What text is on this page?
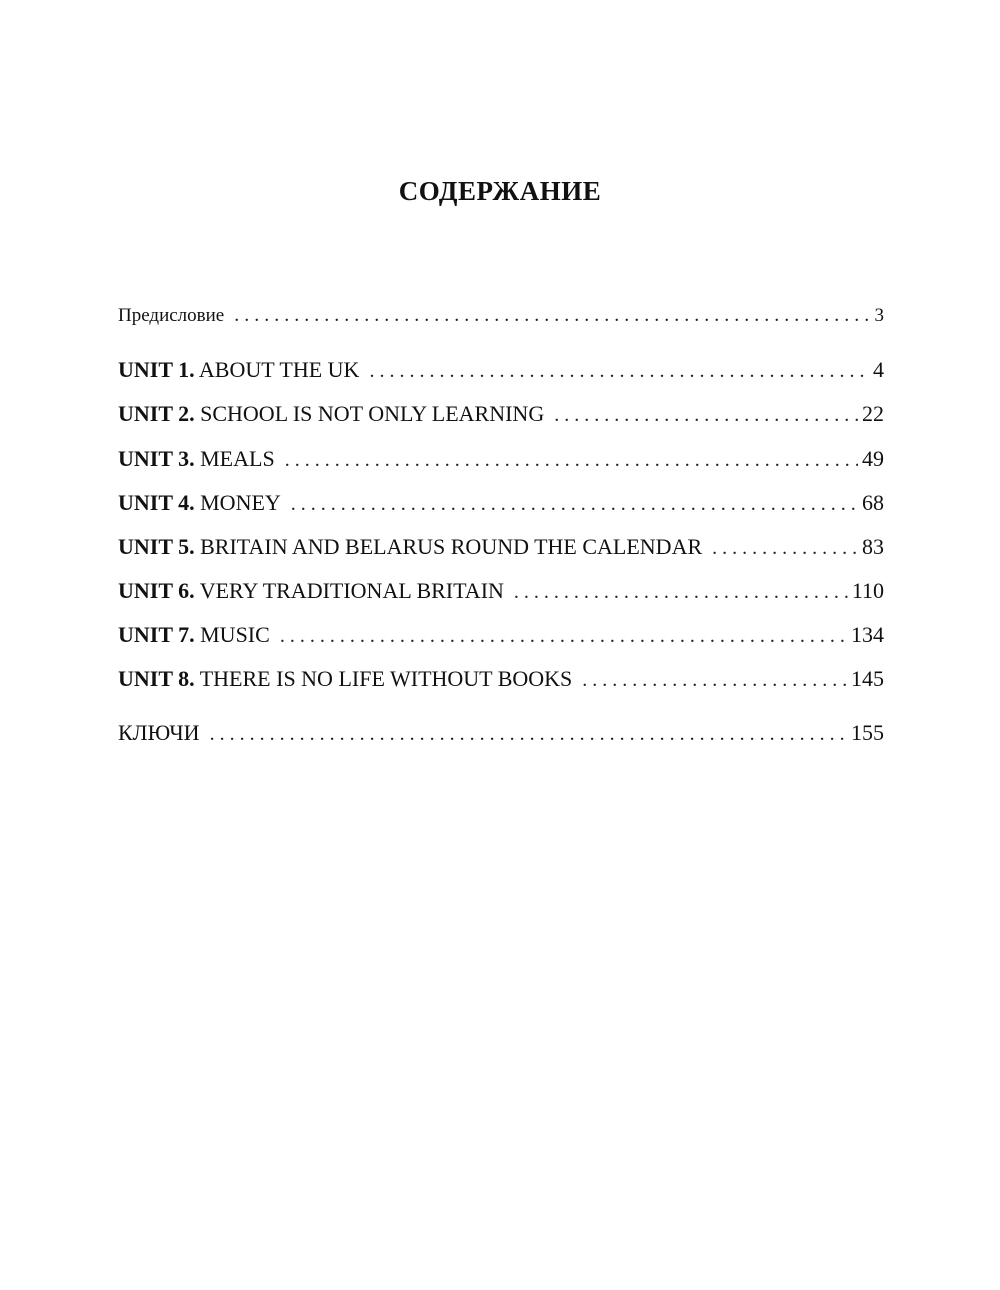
СОДЕРЖАНИЕ
Предисловие . . .	3
UNIT 1. ABOUT THE UK . . .	4
UNIT 2. SCHOOL IS NOT ONLY LEARNING . . .	22
UNIT 3. MEALS . . .	49
UNIT 4. MONEY . . .	68
UNIT 5. BRITAIN AND BELARUS ROUND THE CALENDAR . . .	83
UNIT 6. VERY TRADITIONAL BRITAIN . . .	110
UNIT 7. MUSIC . . .	134
UNIT 8. THERE IS NO LIFE WITHOUT BOOKS . . .	145
КЛЮЧИ . . .	155
